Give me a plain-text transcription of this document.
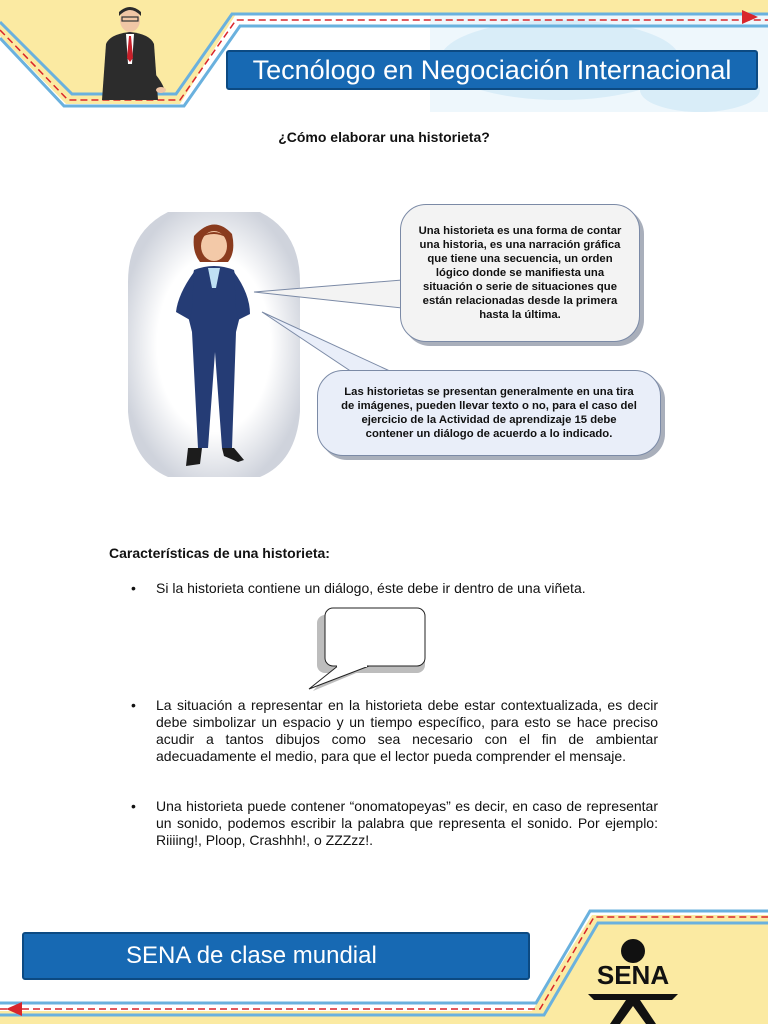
Tecnólogo en Negociación Internacional
¿Cómo elaborar una historieta?
Una historieta es una forma de contar una historia, es una narración gráfica que tiene una secuencia, un orden lógico donde se manifiesta una situación o serie de situaciones que están relacionadas desde la primera hasta la última.
Las historietas se presentan generalmente en una tira de imágenes, pueden llevar texto o no, para el caso del ejercicio de la Actividad de aprendizaje 15 debe contener un diálogo de acuerdo a lo indicado.
Características de una historieta:
• Si la historieta contiene un diálogo, éste debe ir dentro de una viñeta.
• La situación a representar en la historieta debe estar contextualizada, es decir debe simbolizar un espacio y un tiempo específico, para esto se hace preciso acudir a tantos dibujos como sea necesario con el fin de ambientar adecuadamente el medio, para que el lector pueda comprender el mensaje.
• Una historieta puede contener “onomatopeyas” es decir, en caso de representar un sonido, podemos escribir la palabra que representa el sonido. Por ejemplo: Riiiing!, Ploop, Crashhh!, o ZZZzz!.
SENA de clase mundial
SENA
